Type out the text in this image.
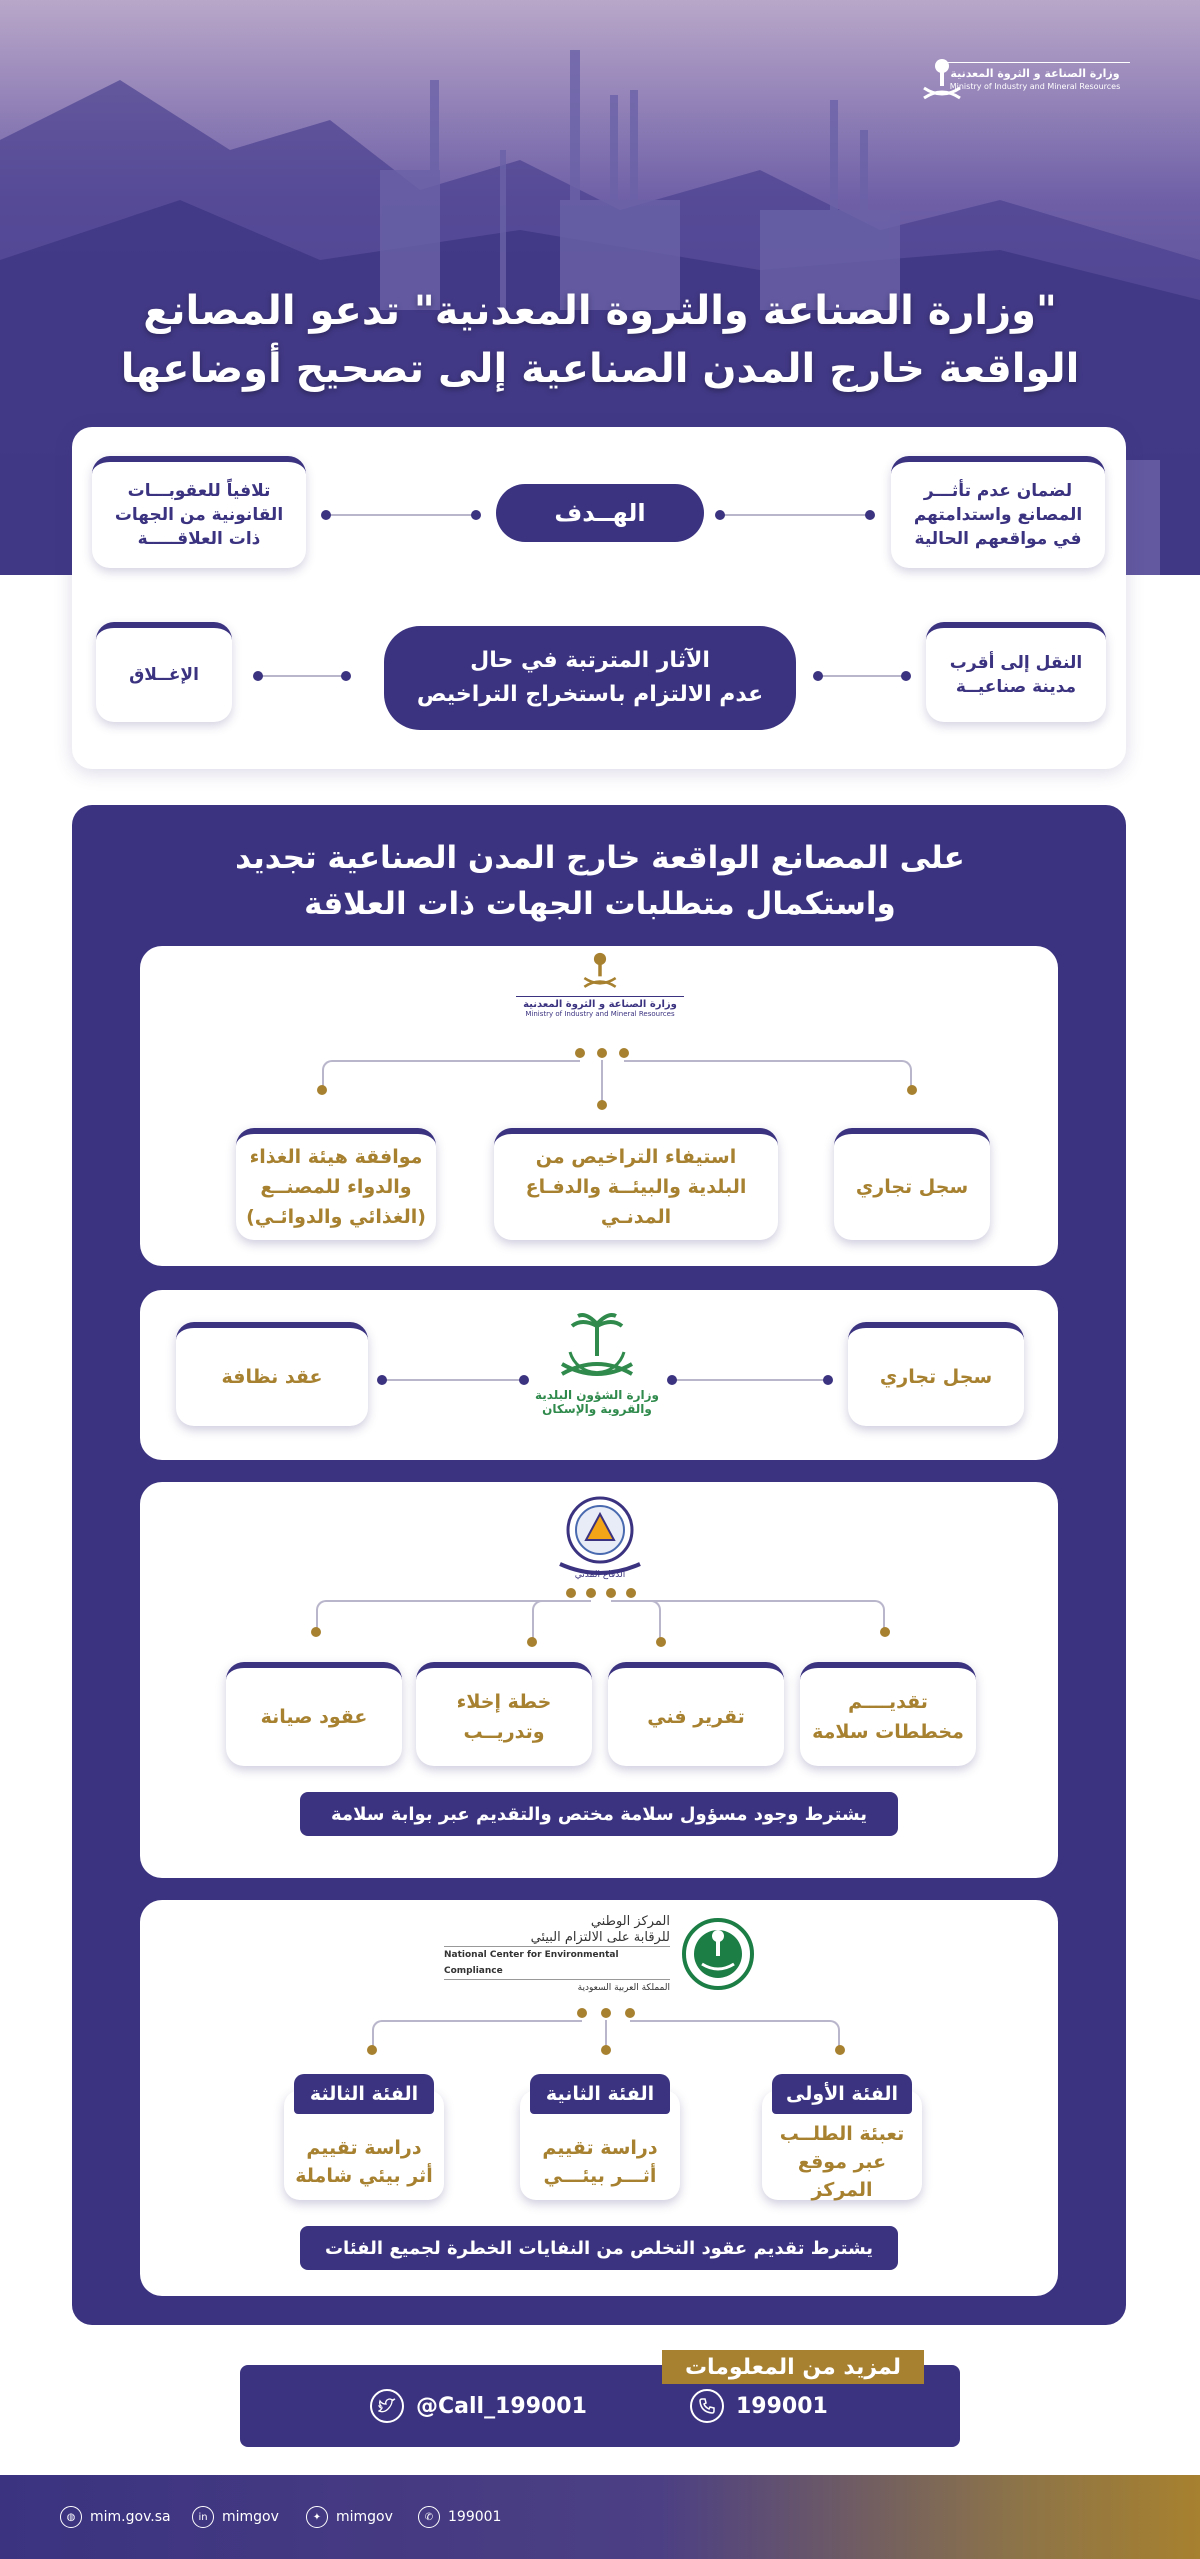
وزارة الصناعة و الثروة المعدنية
Ministry of Industry and Mineral Resources
"وزارة الصناعة والثروة المعدنية" تدعو المصانع
الواقعة خارج المدن الصناعية إلى تصحيح أوضاعها
لضمان عدم تأثـــر المصانع واستدامتهم في مواقعهم الحالية
الهــدف
تلافياً للعقوبـــات القانونية من الجهات ذات العلاقـــــة
النقل إلى أقرب مدينة صناعيــة
الآثار المترتبة في حال
عدم الالتزام باستخراج التراخيص
الإغــلاق
على المصانع الواقعة خارج المدن الصناعية تجديد
واستكمال متطلبات الجهات ذات العلاقة
وزارة الصناعة و الثروة المعدنية
Ministry of Industry and Mineral Resources
سجل تجاري
استيفاء التراخيص من البلدية والبيئــة والدفـاع المدنـي
موافقة هيئة الغذاء والدواء للمصنــع (الغذائي والدوائـي)
سجل تجاري
وزارة الشؤون البلدية
والقروية والإسكان
عقد نظافة
الدفاع المدني
تقديــــم مخططات سلامة
تقرير فني
خطة إخلاء وتدريــب
عقود صيانة
يشترط وجود مسؤول سلامة مختص والتقديم عبر بوابة سلامة
المركز الوطني
للرقابة على الالتزام البيئي
National Center for Environmental Compliance
المملكة العربية السعودية
الفئة الأولى
تعبئة الطلــب عبر موقع المركز
الفئة الثانية
دراسة تقييم أثـــر بيئـــي
الفئة الثالثة
دراسة تقييم أثر بيئي شاملة
يشترط تقديم عقود التخلص من النفايات الخطرة لجميع الفئات
لمزيد من المعلومات
199001
@Call_199001
◍	mim.gov.sa	in	mimgov	✦	mimgov	✆	199001
